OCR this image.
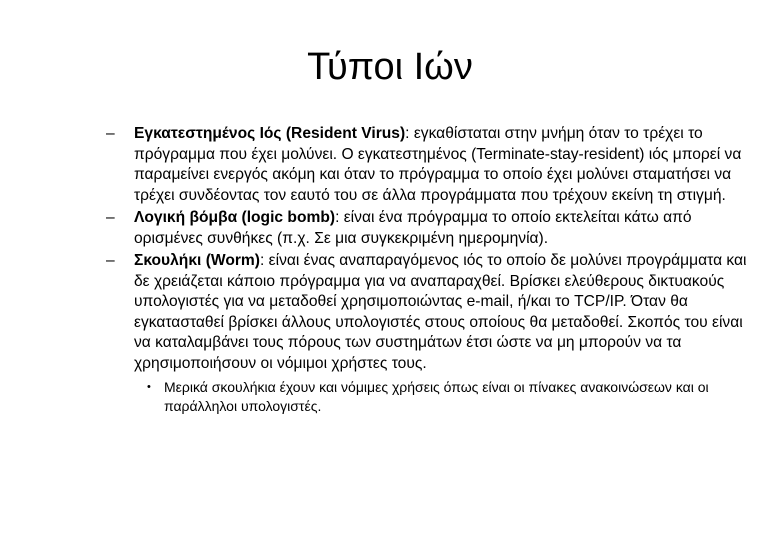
Τύποι Ιών
– Εγκατεστημένος Ιός (Resident Virus): εγκαθίσταται στην μνήμη όταν το τρέχει το πρόγραμμα που έχει μολύνει. Ο εγκατεστημένος (Terminate-stay-resident) ιός μπορεί να παραμείνει ενεργός ακόμη και όταν το πρόγραμμα το οποίο έχει μολύνει σταματήσει να τρέχει συνδέοντας τον εαυτό του σε άλλα προγράμματα που τρέχουν εκείνη τη στιγμή.
– Λογική βόμβα (logic bomb): είναι ένα πρόγραμμα το οποίο εκτελείται κάτω από ορισμένες συνθήκες (π.χ. Σε μια συγκεκριμένη ημερομηνία).
– Σκουλήκι (Worm): είναι ένας αναπαραγόμενος ιός το οποίο δε μολύνει προγράμματα και δε χρειάζεται κάποιο πρόγραμμα για να αναπαραχθεί. Βρίσκει ελεύθερους δικτυακούς υπολογιστές για να μεταδοθεί χρησιμοποιώντας e-mail, ή/και το TCP/IP. Όταν θα εγκατασταθεί βρίσκει άλλους υπολογιστές στους οποίους θα μεταδοθεί. Σκοπός του είναι να καταλαμβάνει τους πόρους των συστημάτων έτσι ώστε να μη μπορούν να τα χρησιμοποιήσουν οι νόμιμοι χρήστες τους.
• Μερικά σκουλήκια έχουν και νόμιμες χρήσεις όπως είναι οι πίνακες ανακοινώσεων και οι παράλληλοι υπολογιστές.
